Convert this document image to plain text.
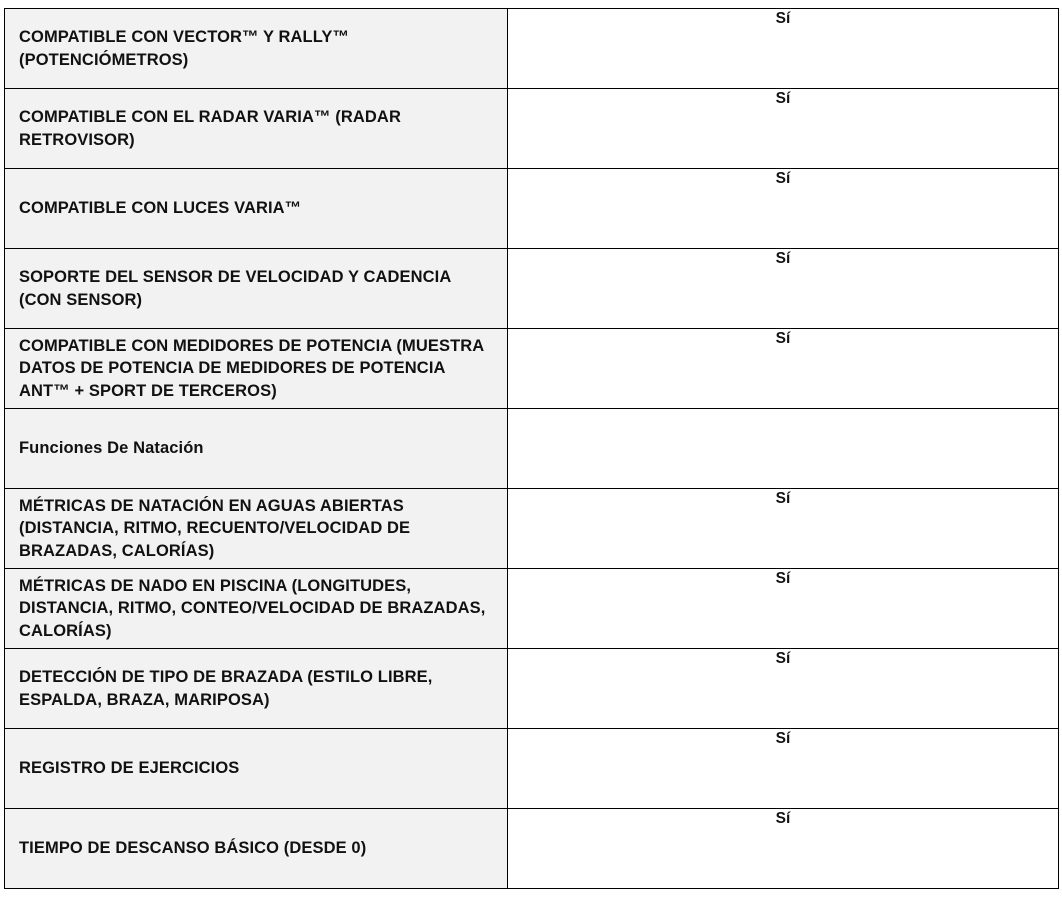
COMPATIBLE CON VECTOR™ Y RALLY™ (POTENCIÓMETROS)	Sí
COMPATIBLE CON EL RADAR VARIA™ (RADAR RETROVISOR)	Sí
COMPATIBLE CON LUCES VARIA™	Sí
SOPORTE DEL SENSOR DE VELOCIDAD Y CADENCIA (CON SENSOR)	Sí
COMPATIBLE CON MEDIDORES DE POTENCIA (MUESTRA DATOS DE POTENCIA DE MEDIDORES DE POTENCIA ANT™ + SPORT DE TERCEROS)	Sí
Funciones De Natación	
MÉTRICAS DE NATACIÓN EN AGUAS ABIERTAS (DISTANCIA, RITMO, RECUENTO/VELOCIDAD DE BRAZADAS, CALORÍAS)	Sí
MÉTRICAS DE NADO EN PISCINA (LONGITUDES, DISTANCIA, RITMO, CONTEO/VELOCIDAD DE BRAZADAS, CALORÍAS)	Sí
DETECCIÓN DE TIPO DE BRAZADA (ESTILO LIBRE, ESPALDA, BRAZA, MARIPOSA)	Sí
REGISTRO DE EJERCICIOS	Sí
TIEMPO DE DESCANSO BÁSICO (DESDE 0)	Sí
